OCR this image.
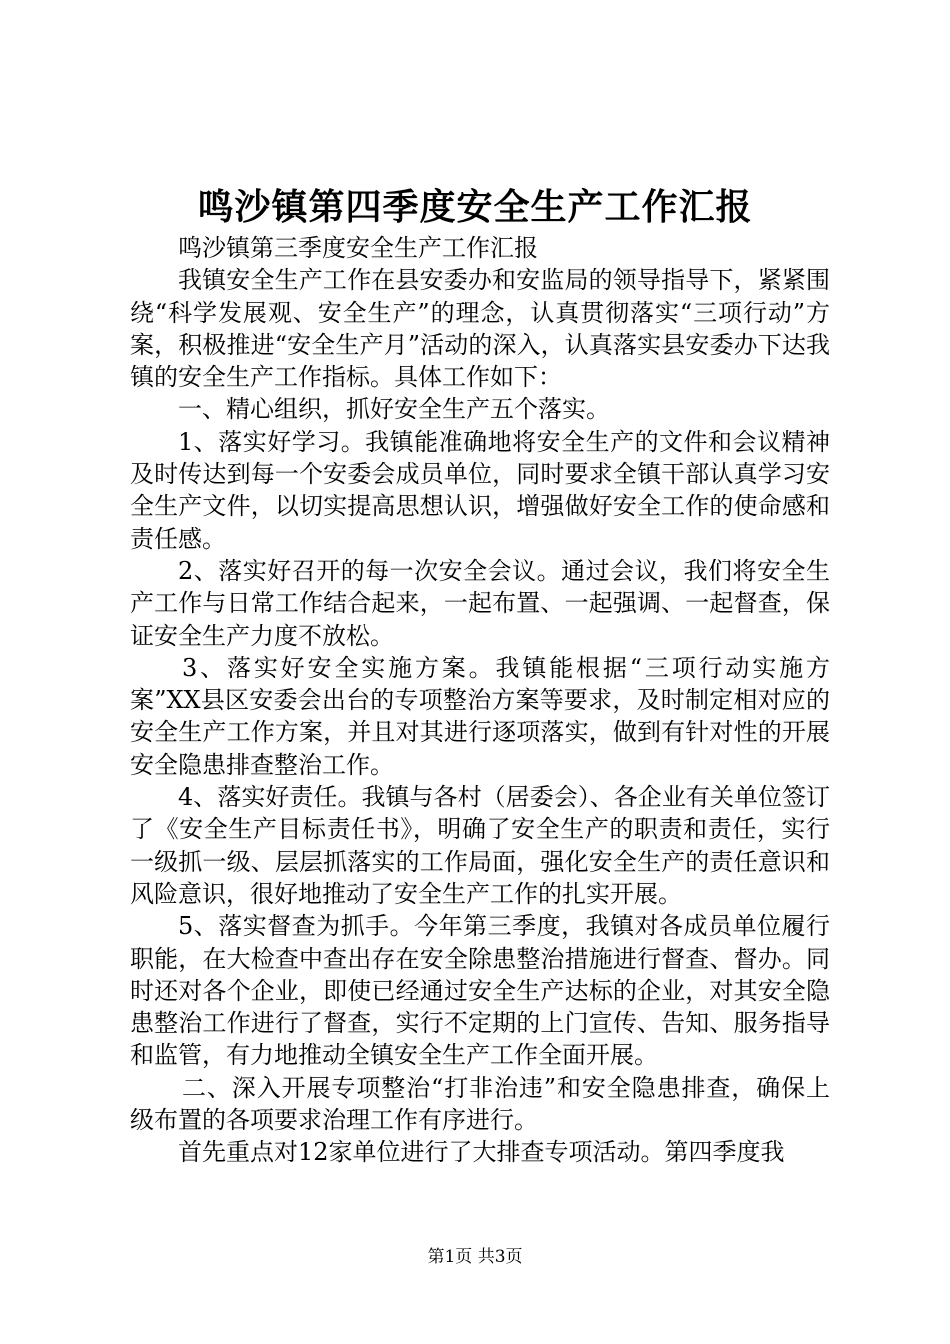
鸣沙镇第四季度安全生产工作汇报

鸣沙镇第三季度安全生产工作汇报

我镇安全生产工作在县安委办和安监局的领导指导下，紧紧围绕“科学发展观、安全生产”的理念，认真贯彻落实“三项行动”方案，积极推进“安全生产月”活动的深入，认真落实县安委办下达我镇的安全生产工作指标。具体工作如下：

一、精心组织，抓好安全生产五个落实。

1、落实好学习。我镇能准确地将安全生产的文件和会议精神及时传达到每一个安委会成员单位，同时要求全镇干部认真学习安全生产文件，以切实提高思想认识，增强做好安全工作的使命感和责任感。

2、落实好召开的每一次安全会议。通过会议，我们将安全生产工作与日常工作结合起来，一起布置、一起强调、一起督查，保证安全生产力度不放松。

3、落实好安全实施方案。我镇能根据“三项行动实施方案”XX县区安委会出台的专项整治方案等要求，及时制定相对应的安全生产工作方案，并且对其进行逐项落实，做到有针对性的开展安全隐患排查整治工作。

4、落实好责任。我镇与各村（居委会）、各企业有关单位签订了《安全生产目标责任书》，明确了安全生产的职责和责任，实行一级抓一级、层层抓落实的工作局面，强化安全生产的责任意识和风险意识，很好地推动了安全生产工作的扎实开展。

5、落实督查为抓手。今年第三季度，我镇对各成员单位履行职能，在大检查中查出存在安全除患整治措施进行督查、督办。同时还对各个企业，即使已经通过安全生产达标的企业，对其安全隐患整治工作进行了督查，实行不定期的上门宣传、告知、服务指导和监管，有力地推动全镇安全生产工作全面开展。

二、深入开展专项整治“打非治违”和安全隐患排查，确保上级布置的各项要求治理工作有序进行。

首先重点对12家单位进行了大排查专项活动。第四季度我

第1页 共3页
